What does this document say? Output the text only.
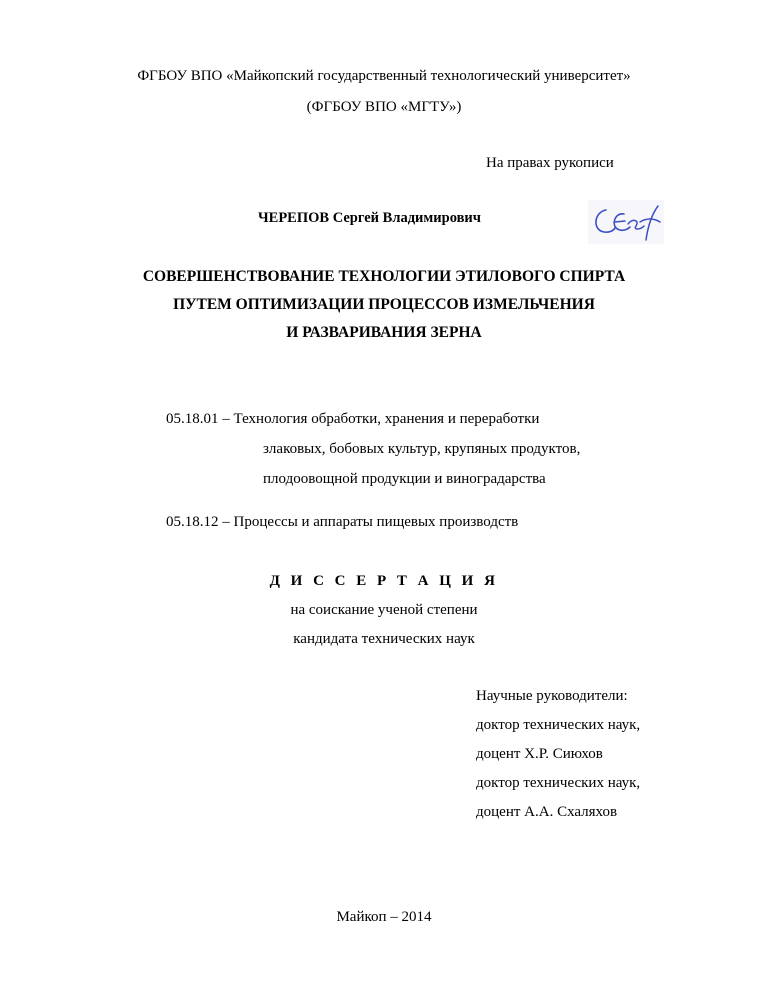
ФГБОУ ВПО «Майкопский государственный технологический университет»
(ФГБОУ ВПО «МГТУ»)
На правах рукописи
ЧЕРЕПОВ Сергей Владимирович
СОВЕРШЕНСТВОВАНИЕ ТЕХНОЛОГИИ ЭТИЛОВОГО СПИРТА
ПУТЕМ ОПТИМИЗАЦИИ ПРОЦЕССОВ ИЗМЕЛЬЧЕНИЯ
И РАЗВАРИВАНИЯ ЗЕРНА
05.18.01 – Технология обработки, хранения и переработки
злаковых, бобовых культур, крупяных продуктов,
плодоовощной продукции и виноградарства
05.18.12 – Процессы и аппараты пищевых производств
Д И С С Е Р Т А Ц И Я
на соискание ученой степени
кандидата технических наук
Научные руководители:
доктор технических наук,
доцент Х.Р. Сиюхов
доктор технических наук,
доцент А.А. Схаляхов
Майкоп – 2014
